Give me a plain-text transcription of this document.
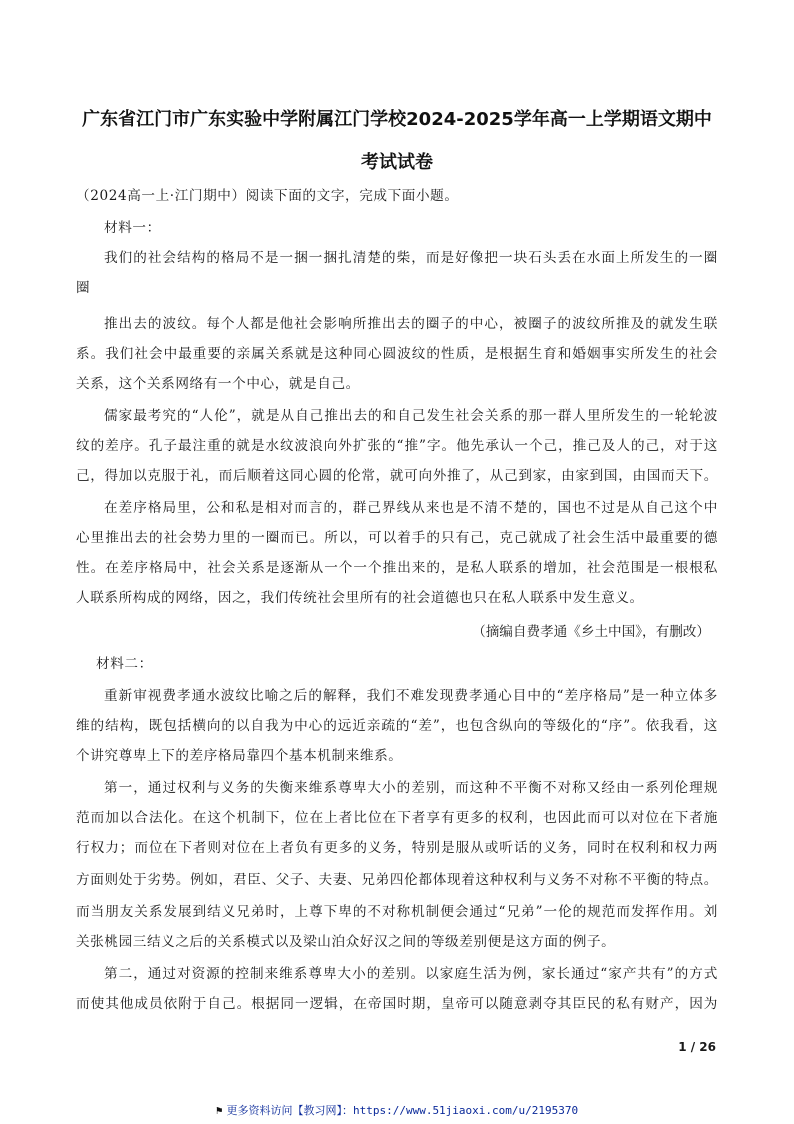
广东省江门市广东实验中学附属江门学校2024-2025学年高一上学期语文期中
考试试卷
（2024高一上·江门期中）阅读下面的文字，完成下面小题。
材料一：
我们的社会结构的格局不是一捆一捆扎清楚的柴，而是好像把一块石头丢在水面上所发生的一圈
圈
推出去的波纹。每个人都是他社会影响所推出去的圈子的中心，被圈子的波纹所推及的就发生联
系。我们社会中最重要的亲属关系就是这种同心圆波纹的性质，是根据生育和婚姻事实所发生的社会
关系，这个关系网络有一个中心，就是自己。
儒家最考究的“人伦”，就是从自己推出去的和自己发生社会关系的那一群人里所发生的一轮轮波
纹的差序。孔子最注重的就是水纹波浪向外扩张的“推”字。他先承认一个己，推己及人的己，对于这
己，得加以克服于礼，而后顺着这同心圆的伦常，就可向外推了，从己到家，由家到国，由国而天下。
在差序格局里，公和私是相对而言的，群己界线从来也是不清不楚的，国也不过是从自己这个中
心里推出去的社会势力里的一圈而已。所以，可以着手的只有己，克己就成了社会生活中最重要的德
性。在差序格局中，社会关系是逐渐从一个一个推出来的，是私人联系的增加，社会范围是一根根私
人联系所构成的网络，因之，我们传统社会里所有的社会道德也只在私人联系中发生意义。
（摘编自费孝通《乡土中国》，有删改）
材料二：
重新审视费孝通水波纹比喻之后的解释，我们不难发现费孝通心目中的“差序格局”是一种立体多
维的结构，既包括横向的以自我为中心的远近亲疏的“差”，也包含纵向的等级化的“序”。依我看，这
个讲究尊卑上下的差序格局靠四个基本机制来维系。
第一，通过权利与义务的失衡来维系尊卑大小的差别，而这种不平衡不对称又经由一系列伦理规
范而加以合法化。在这个机制下，位在上者比位在下者享有更多的权利，也因此而可以对位在下者施
行权力；而位在下者则对位在上者负有更多的义务，特别是服从或听话的义务，同时在权利和权力两
方面则处于劣势。例如，君臣、父子、夫妻、兄弟四伦都体现着这种权利与义务不对称不平衡的特点。
而当朋友关系发展到结义兄弟时，上尊下卑的不对称机制便会通过“兄弟”一伦的规范而发挥作用。刘
关张桃园三结义之后的关系模式以及梁山泊众好汉之间的等级差别便是这方面的例子。
第二，通过对资源的控制来维系尊卑大小的差别。以家庭生活为例，家长通过“家产共有”的方式
而使其他成员依附于自己。根据同一逻辑，在帝国时期，皇帝可以随意剥夺其臣民的私有财产，因为
1 / 26
⚑ 更多资料访问【教习网】：https://www.51jiaoxi.com/u/2195370
